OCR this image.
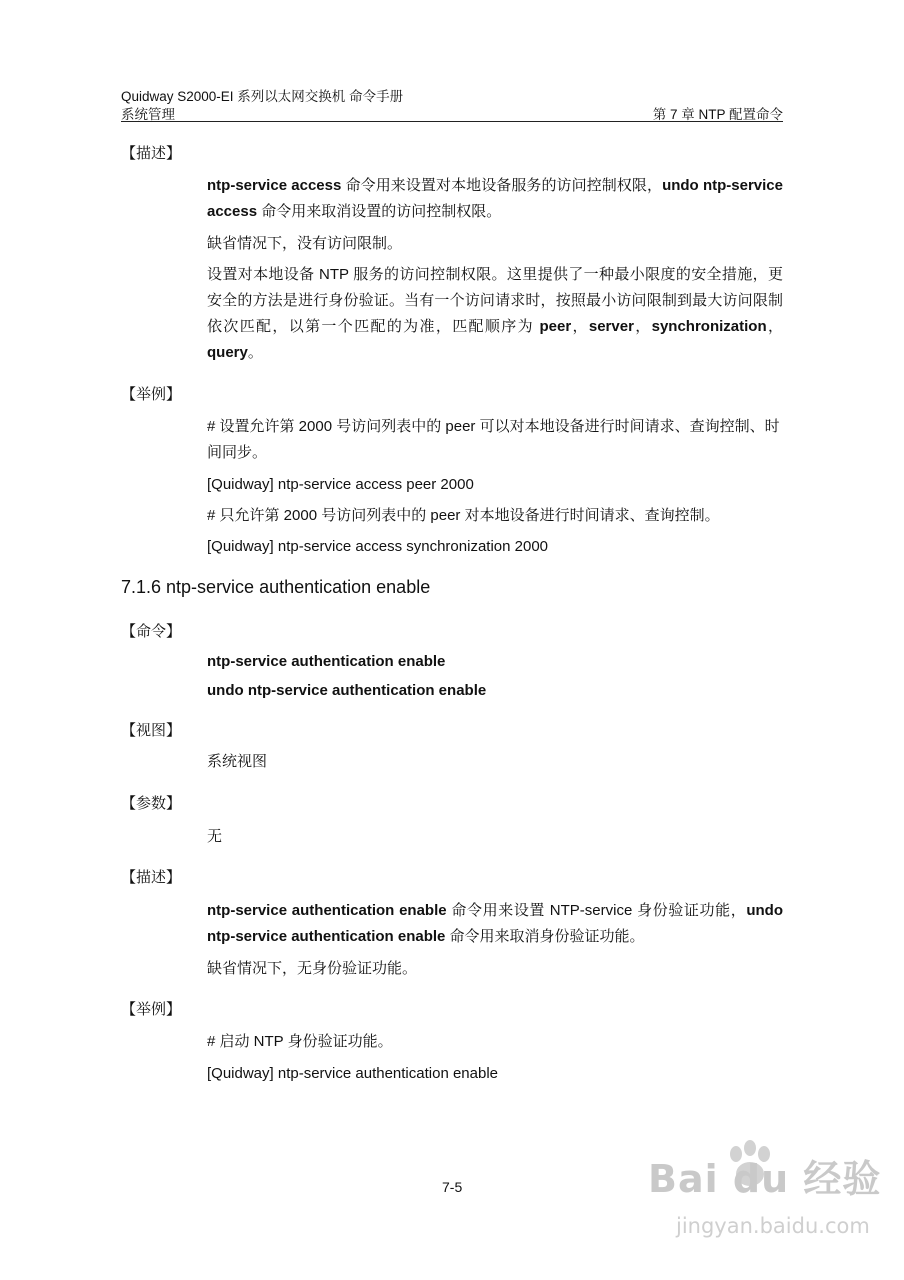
Quidway S2000-EI 系列以太网交换机 命令手册
系统管理	第 7 章 NTP 配置命令
【描述】
ntp-service access 命令用来设置对本地设备服务的访问控制权限，undo ntp-service access 命令用来取消设置的访问控制权限。
缺省情况下，没有访问限制。
设置对本地设备 NTP 服务的访问控制权限。这里提供了一种最小限度的安全措施，更安全的方法是进行身份验证。当有一个访问请求时，按照最小访问限制到最大访问限制依次匹配，以第一个匹配的为准，匹配顺序为 peer，server，synchronization，query。
【举例】
# 设置允许第 2000 号访问列表中的 peer 可以对本地设备进行时间请求、查询控制、时间同步。
[Quidway] ntp-service access peer 2000
# 只允许第 2000 号访问列表中的 peer 对本地设备进行时间请求、查询控制。
[Quidway] ntp-service access synchronization 2000
7.1.6 ntp-service authentication enable
【命令】
ntp-service authentication enable
undo ntp-service authentication enable
【视图】
系统视图
【参数】
无
【描述】
ntp-service authentication enable 命令用来设置 NTP-service 身份验证功能，undo ntp-service authentication enable 命令用来取消身份验证功能。
缺省情况下，无身份验证功能。
【举例】
# 启动 NTP 身份验证功能。
[Quidway] ntp-service authentication enable
7-5	Bai du 经验
jingyan.baidu.com
